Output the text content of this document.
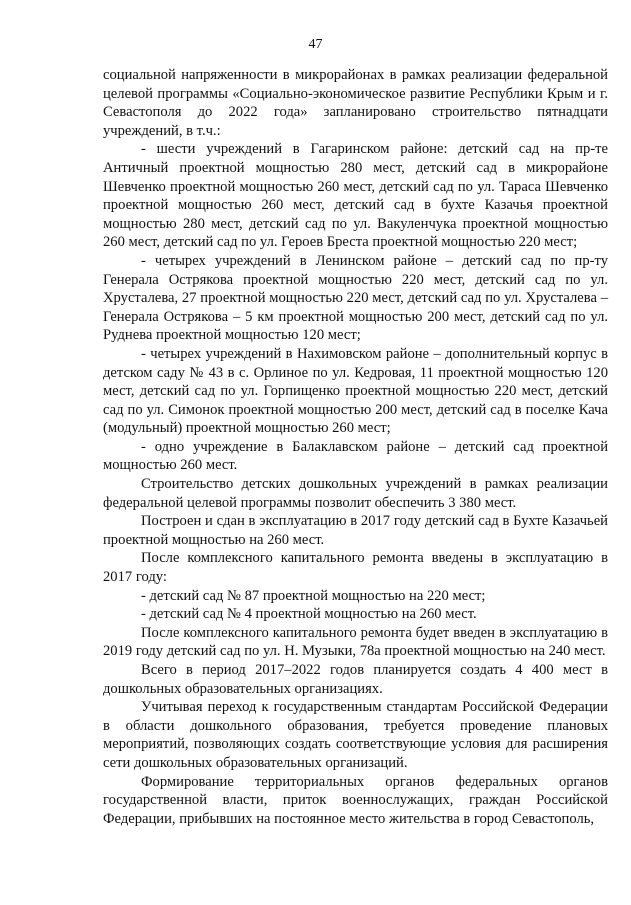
47

социальной напряженности в микрорайонах в рамках реализации федеральной целевой программы «Социально-экономическое развитие Республики Крым и г. Севастополя до 2022 года» запланировано строительство пятнадцати учреждений, в т.ч.:

- шести учреждений в Гагаринском районе: детский сад на пр-те Античный проектной мощностью 280 мест, детский сад в микрорайоне Шевченко проектной мощностью 260 мест, детский сад по ул. Тараса Шевченко проектной мощностью 260 мест, детский сад в бухте Казачья проектной мощностью 280 мест, детский сад по ул. Вакуленчука проектной мощностью 260 мест, детский сад по ул. Героев Бреста проектной мощностью 220 мест;

- четырех учреждений в Ленинском районе – детский сад по пр-ту Генерала Острякова проектной мощностью 220 мест, детский сад по ул. Хрусталева, 27 проектной мощностью 220 мест, детский сад по ул. Хрусталева – Генерала Острякова – 5 км проектной мощностью 200 мест, детский сад по ул. Руднева проектной мощностью 120 мест;

- четырех учреждений в Нахимовском районе – дополнительный корпус в детском саду № 43 в с. Орлиное по ул. Кедровая, 11 проектной мощностью 120 мест, детский сад по ул. Горпищенко проектной мощностью 220 мест, детский сад по ул. Симонок проектной мощностью 200 мест, детский сад в поселке Кача (модульный) проектной мощностью 260 мест;

- одно учреждение в Балаклавском районе – детский сад проектной мощностью 260 мест.

Строительство детских дошкольных учреждений в рамках реализации федеральной целевой программы позволит обеспечить 3 380 мест.

Построен и сдан в эксплуатацию в 2017 году детский сад в Бухте Казачьей проектной мощностью на 260 мест.

После комплексного капитального ремонта введены в эксплуатацию в 2017 году:

- детский сад № 87 проектной мощностью на 220 мест;

- детский сад № 4 проектной мощностью на 260 мест.

После комплексного капитального ремонта будет введен в эксплуатацию в 2019 году детский сад по ул. Н. Музыки, 78а проектной мощностью на 240 мест.

Всего в период 2017–2022 годов планируется создать 4 400 мест в дошкольных образовательных организациях.

Учитывая переход к государственным стандартам Российской Федерации в области дошкольного образования, требуется проведение плановых мероприятий, позволяющих создать соответствующие условия для расширения сети дошкольных образовательных организаций.

Формирование территориальных органов федеральных органов государственной власти, приток военнослужащих, граждан Российской Федерации, прибывших на постоянное место жительства в город Севастополь,
